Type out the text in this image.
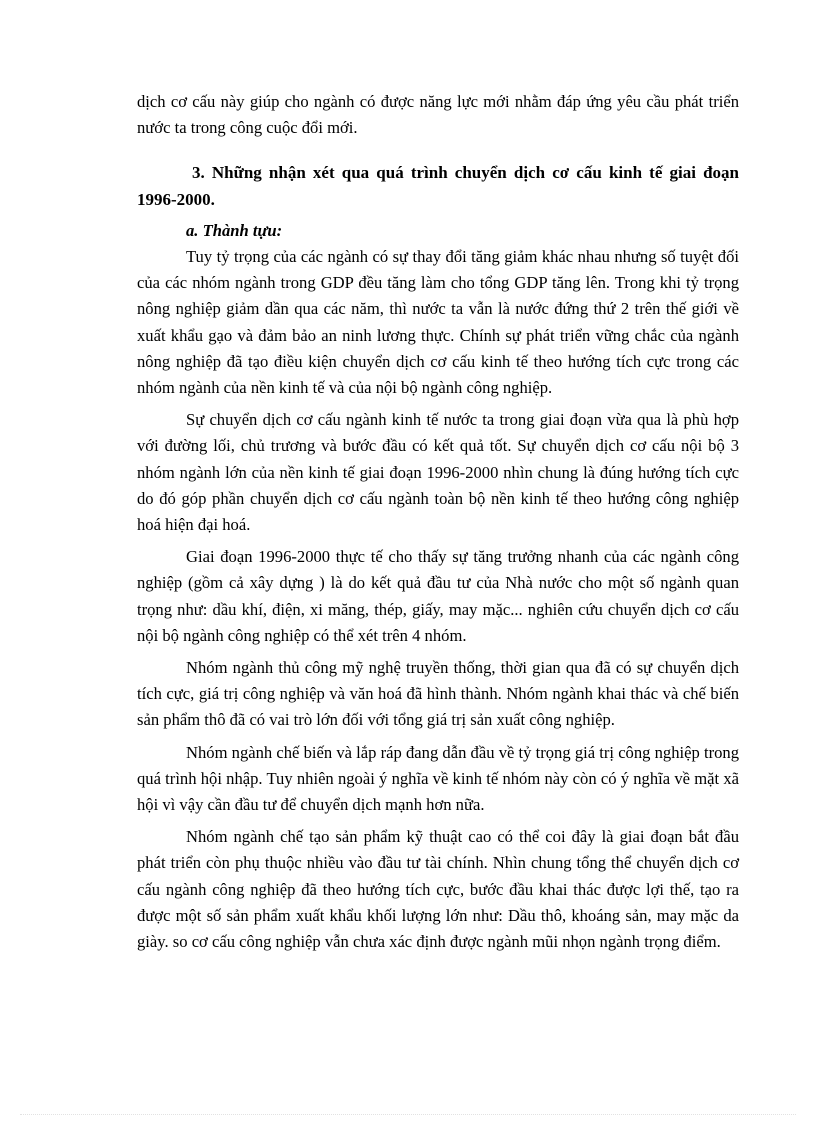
dịch cơ cấu này giúp cho ngành có được năng lực mới nhằm đáp ứng yêu cầu phát triển nước ta trong công cuộc đổi mới.

3. Những nhận xét qua quá trình chuyển dịch cơ cấu kinh tế giai đoạn 1996-2000.

a. Thành tựu:

Tuy tỷ trọng của các ngành có sự thay đổi tăng giảm khác nhau nhưng số tuyệt đối của các nhóm ngành trong GDP đều tăng làm cho tổng GDP tăng lên. Trong khi tỷ trọng nông nghiệp giảm dần qua các năm, thì nước ta vẫn là nước đứng thứ 2 trên thế giới về xuất khẩu gạo và đảm bảo an ninh lương thực. Chính sự phát triển vững chắc của ngành nông nghiệp đã tạo điều kiện chuyển dịch cơ cấu kinh tế theo hướng tích cực trong các nhóm ngành của nền kinh tế và của nội bộ ngành công nghiệp.

Sự chuyển dịch cơ cấu ngành kinh tế nước ta trong giai đoạn vừa qua là phù hợp với đường lối, chủ trương và bước đầu có kết quả tốt. Sự chuyển dịch cơ cấu nội bộ 3 nhóm ngành lớn của nền kinh tế giai đoạn 1996-2000 nhìn chung là đúng hướng tích cực do đó góp phần chuyển dịch cơ cấu ngành toàn bộ nền kinh tế theo hướng công nghiệp hoá hiện đại hoá.

Giai đoạn 1996-2000 thực tế cho thấy sự tăng trưởng nhanh của các ngành công nghiệp (gồm cả xây dựng ) là do kết quả đầu tư của Nhà nước cho một số ngành quan trọng như: dầu khí, điện, xi măng, thép, giấy, may mặc... nghiên cứu chuyển dịch cơ cấu nội bộ ngành công nghiệp có thể xét trên 4 nhóm.

Nhóm ngành thủ công mỹ nghệ truyền thống, thời gian qua đã có sự chuyển dịch tích cực, giá trị công nghiệp và văn hoá đã hình thành. Nhóm ngành khai thác và chế biến sản phẩm thô đã có vai trò lớn đối với tổng giá trị sản xuất công nghiệp.

Nhóm ngành chế biến và lắp ráp đang dẫn đầu về tỷ trọng giá trị công nghiệp trong quá trình hội nhập. Tuy nhiên ngoài ý nghĩa về kinh tế nhóm này còn có ý nghĩa về mặt xã hội vì vậy cần đầu tư để chuyển dịch mạnh hơn nữa.

Nhóm ngành chế tạo sản phẩm kỹ thuật cao có thể coi đây là giai đoạn bắt đầu phát triển còn phụ thuộc nhiều vào đầu tư tài chính. Nhìn chung tổng thể chuyển dịch cơ cấu ngành công nghiệp đã theo hướng tích cực, bước đầu khai thác được lợi thế, tạo ra được một số sản phẩm xuất khẩu khối lượng lớn như: Dầu thô, khoáng sản, may mặc da giày. so cơ cấu công nghiệp vẫn chưa xác định được ngành mũi nhọn ngành trọng điểm.
